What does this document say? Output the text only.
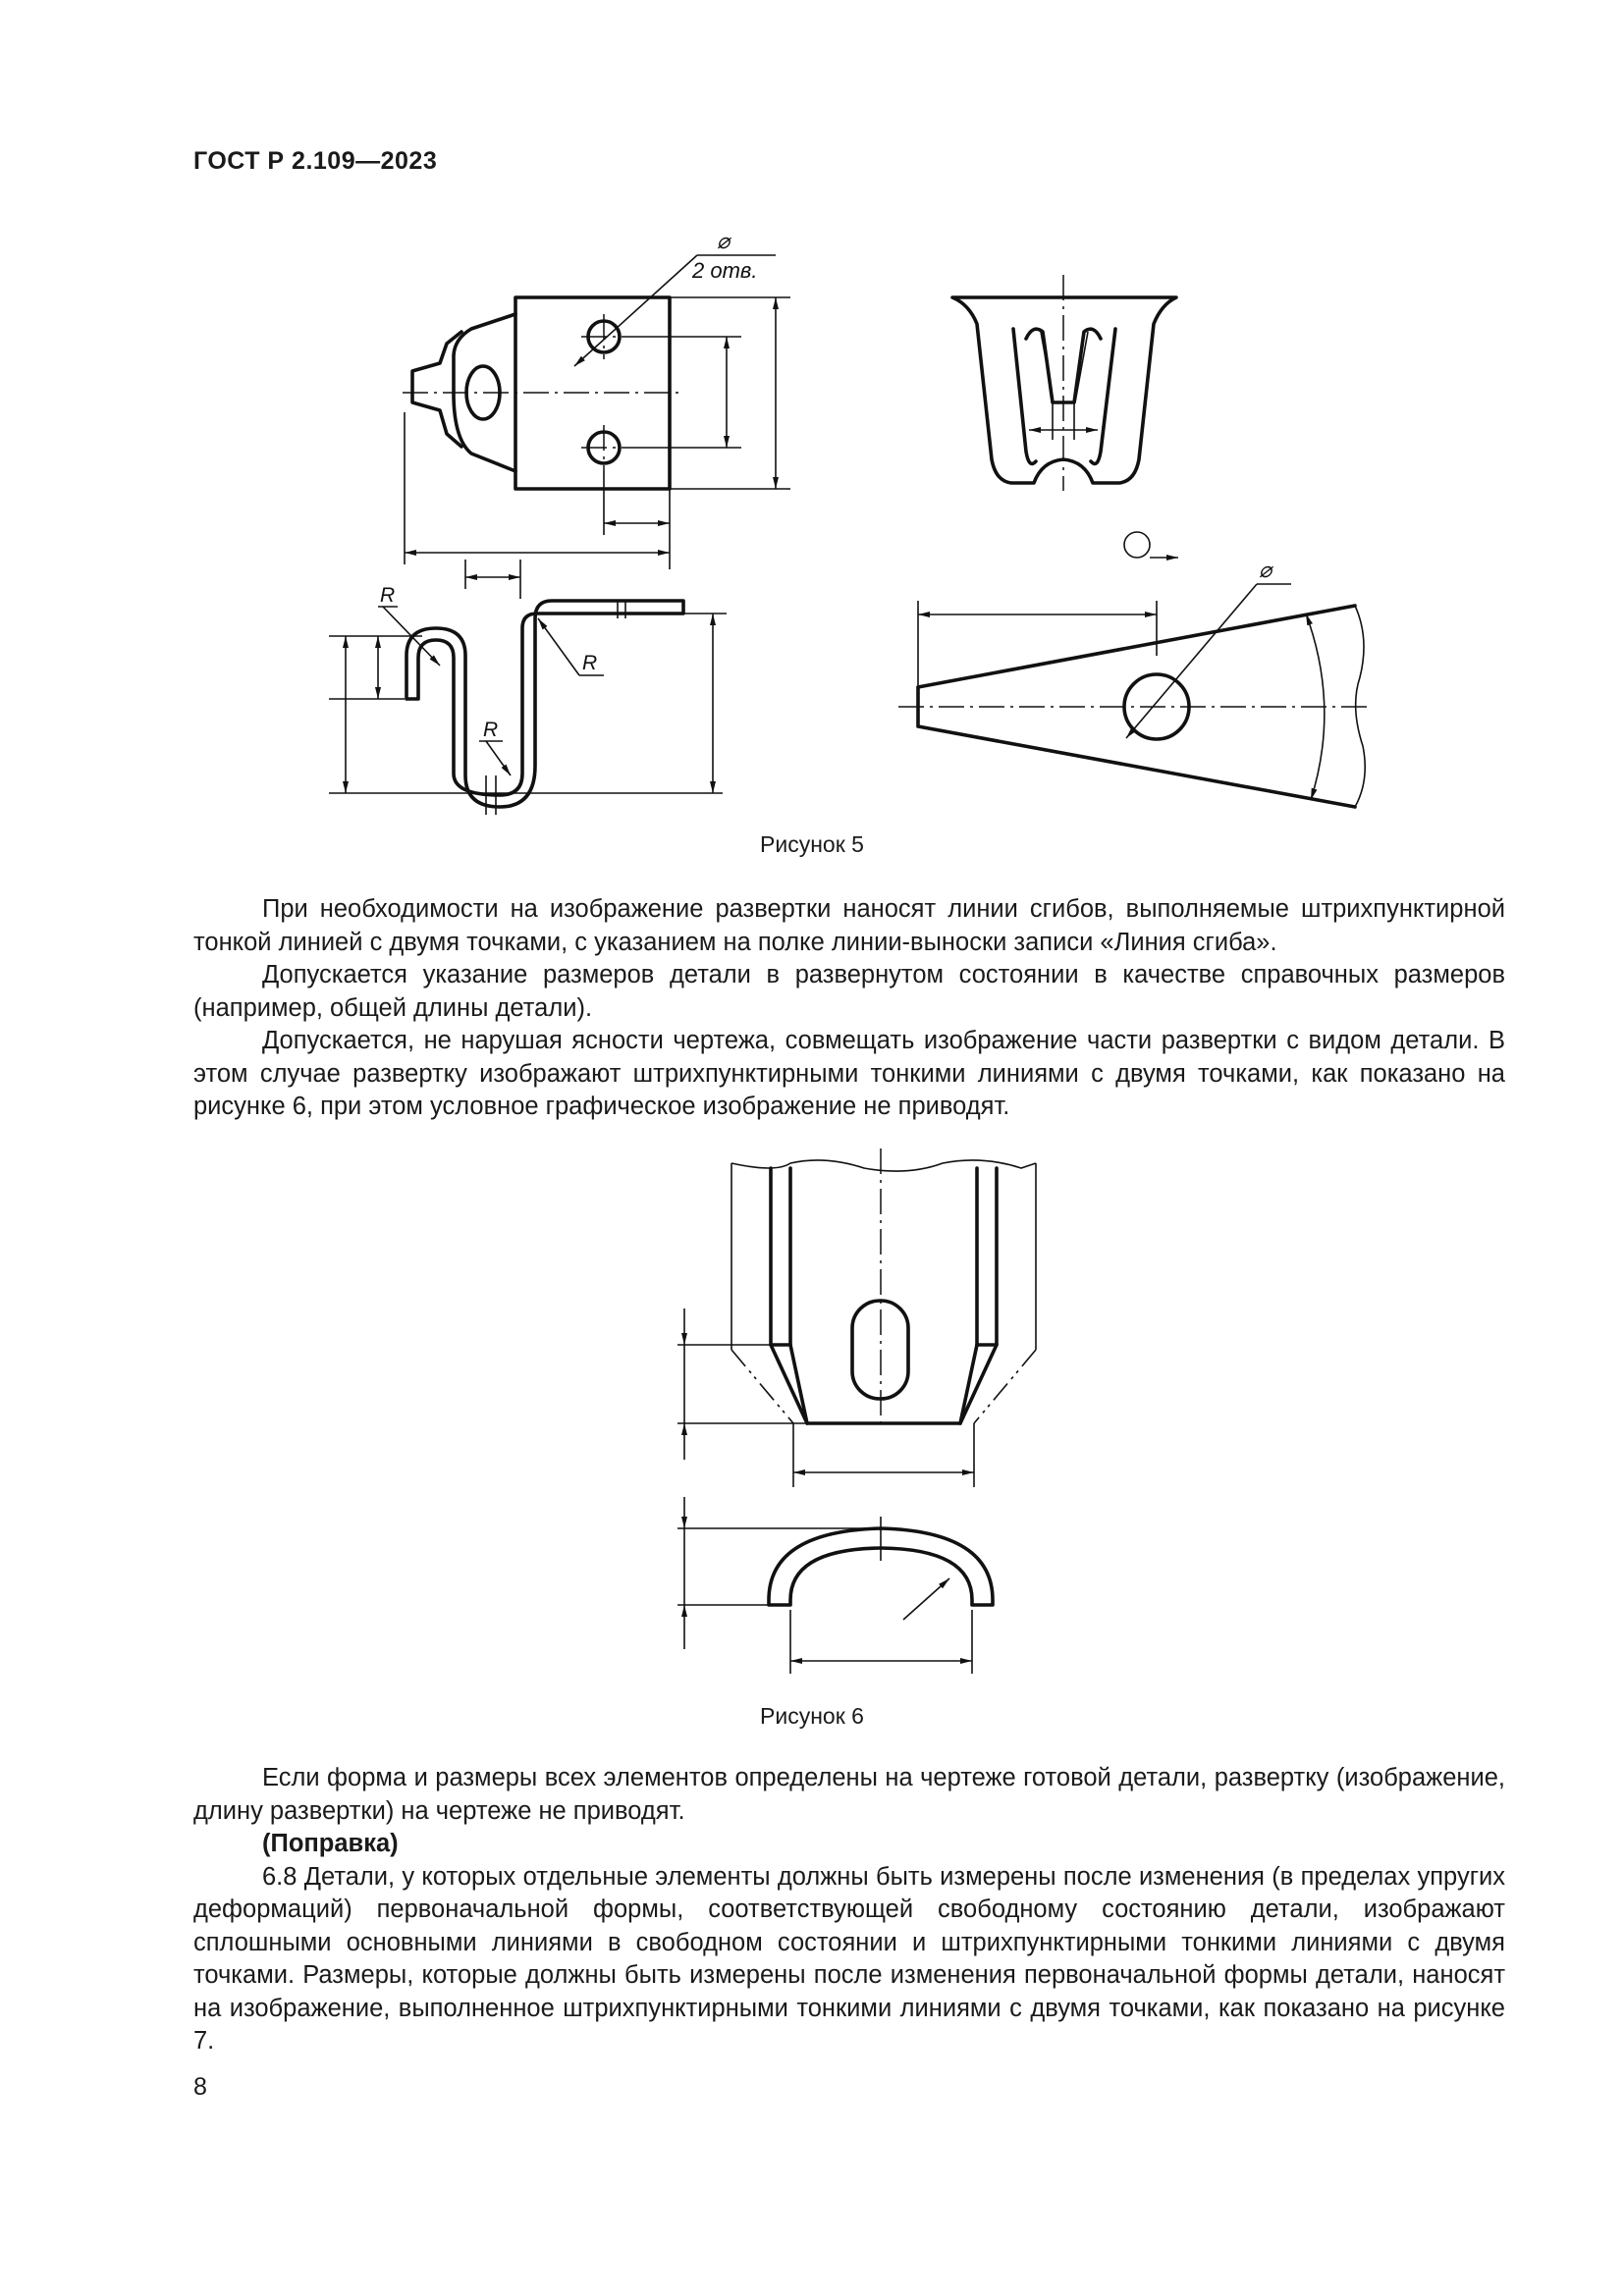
ГОСТ Р 2.109—2023
⌀
2 отв.
R
R
R
⌀
Рисунок 5

При необходимости на изображение развертки наносят линии сгибов, выполняемые штрихпунктирной тонкой линией с двумя точками, с указанием на полке линии-выноски записи «Линия сгиба».

Допускается указание размеров детали в развернутом состоянии в качестве справочных размеров (например, общей длины детали).

Допускается, не нарушая ясности чертежа, совмещать изображение части развертки с видом детали. В этом случае развертку изображают штрихпунктирными тонкими линиями с двумя точками, как показано на рисунке 6, при этом условное графическое изображение не приводят.

Рисунок 6

Если форма и размеры всех элементов определены на чертеже готовой детали, развертку (изображение, длину развертки) на чертеже не приводят.

(Поправка)

6.8 Детали, у которых отдельные элементы должны быть измерены после изменения (в пределах упругих деформаций) первоначальной формы, соответствующей свободному состоянию детали, изображают сплошными основными линиями в свободном состоянии и штрихпунктирными тонкими линиями с двумя точками. Размеры, которые должны быть измерены после изменения первоначальной формы детали, наносят на изображение, выполненное штрихпунктирными тонкими линиями с двумя точками, как показано на рисунке 7.

8
